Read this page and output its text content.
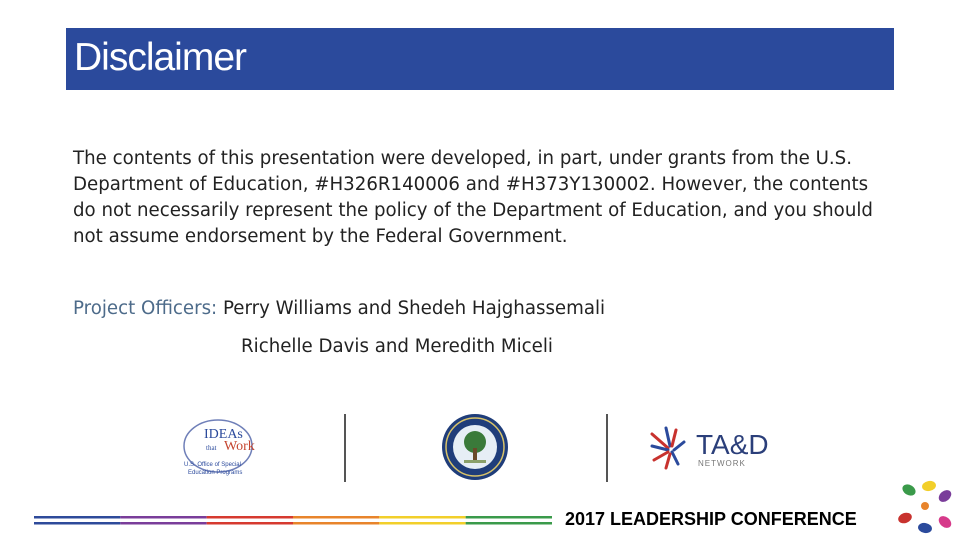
Disclaimer

The contents of this presentation were developed, in part, under grants from the U.S. Department of Education, #H326R140006 and #H373Y130002. However, the contents do not necessarily represent the policy of the Department of Education, and you should not assume endorsement by the Federal Government.

Project Officers: Perry Williams and Shedeh Hajghassemali
Richelle Davis and Meredith Miceli
IDEAs
that Work
U.S. Office of Special
Education Programs
TA&D
NETWORK
2017 LEADERSHIP CONFERENCE
